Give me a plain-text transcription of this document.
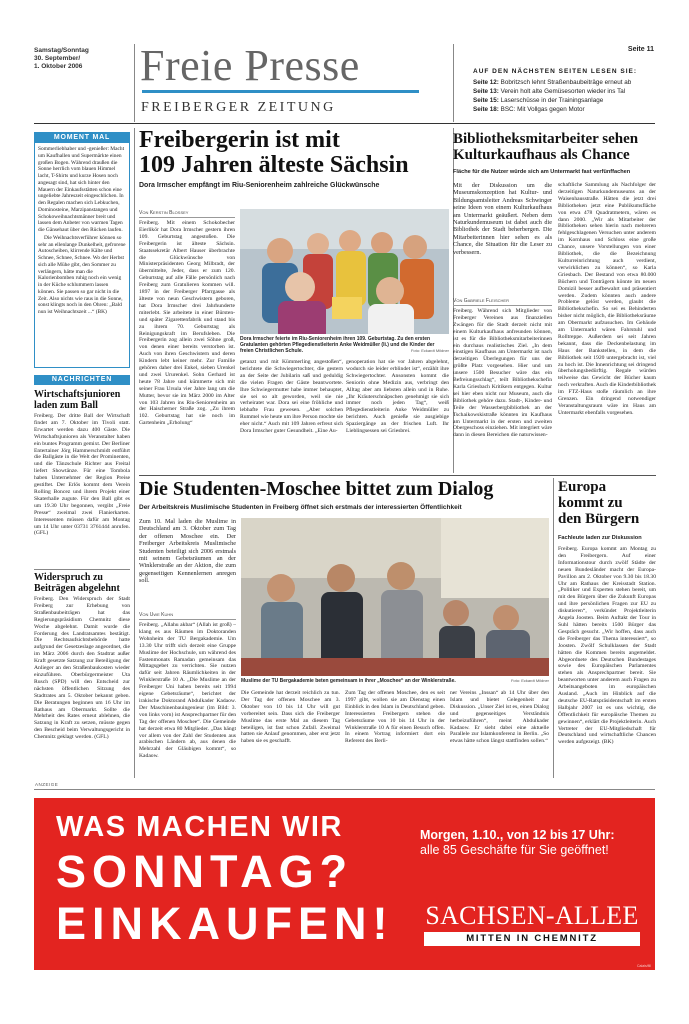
Samstag/Sonntag
30. September/
1. Oktober 2006	Freie Presse
FREIBERGER ZEITUNG
Seite 11
AUF DEN NÄCHSTEN SEITEN LESEN SIE:
Seite 12: Bobritzsch lehnt Straßenbaubeiträge erneut ab
Seite 13: Verein holt alte Gemüsesorten wieder ins Tal
Seite 15: Laserschüsse in der Trainingsanlage
Seite 18: BSC: Mit Vollgas gegen Motor
MOMENT MAL

Sommerliebhaber und -genießer: Macht um Kaufhallen und Supermärkte einen großen Bogen. Während draußen die Sonne herrlich vom blauen Himmel lacht, T-Shirts und kurze Hosen noch angesagt sind, hat sich hinter den Mauern der Einkaufsstätten schon eine ungeliebte Jahreszeit eingeschlichen. In den Regalen machen sich Lebkuchen, Dominosteine, Marzipanstangen und Schokoweihnachtsmänner breit und lassen dem Anbeter von warmen Tagen die Gänsehaut über den Rücken laufen.

Die Weihnachtsverführer können so sehr an ellenlange Dunkelheit, gefrorene Autoscheiben, klirrende Kälte und Schnee, Schnee, Schnee. Wo der Herbst sich alle Mühe gibt, den Sommer zu verlängern, hätte man die Kalorienbomben ruhig noch ein wenig in der Küche schlummern lassen können. Sie passen so gar nicht in die Zeit. Also nichts wie raus in die Sonne, sonst klingts noch in den Ohren: „Bald nun ist Weihnachtszeit ...“ (BK)

NACHRICHTEN
Wirtschaftsjunioren laden zum Ball
Freiberg. Der dritte Ball der Wirtschaft findet am 7. Oktober im Tivoli statt. Erwartet werden dazu 400 Gäste. Die Wirtschaftsjunioren als Veranstalter haben ein buntes Programm gemixt. Der Berliner Entertainer Jörg Hammerschmidt entführt die Ballgäste in die Welt der Prominenten, und die Tänzschule Richter aus Freital liefert Showtänze. Für eine Tombola haben Unternehmer der Region Preise gestiftet. Der Erlös kommt dem Verein Rolling Boncez und ihrem Projekt einer Skaterhalle zugute. Für den Ball gibt es um 19.30 Uhr begonnen, vergibt „Freie Presse“ zweimal zwei Flanierkarten. Interessenten müssen dafür am Montag um 14 Uhr unter 03731 3761444 anrufen. (GFL)
Widerspruch zu Beiträgen abgelehnt
Freiberg. Den Widerspruch der Stadt Freiberg zur Erhebung von Straßenbaubeiträgen hat das Regierungspräsidium Chemnitz diese Woche abgelehnt. Damit wurde die Forderung des Landratsamtes bestätigt. Die Rechtsaufsichtsbehörde hatte aufgrund der Gesetzeslage angeordnet, die im März 2006 durch den Stadtrat außer Kraft gesetzte Satzung zur Beteiligung der Anlieger an den Straßenbaukosten wieder einzuführen. Oberbürgermeister Uta Rusch (SPD) will den Entscheid zur nächsten öffentlichen Sitzung des Stadtrates am 5. Oktober bekannt geben. Die Beratungen beginnen um 16 Uhr im Rathaus am Obermarkt. Sollte die Mehrheit des Rates erneut ablehnen, die Satzung in Kraft zu setzen, müsste gegen den Bescheid beim Verwaltungsgericht in Chemnitz geklagt werden. (GFL)
Freibergerin ist mit
109 Jahren älteste Sächsin
Dora Irmscher empfängt im Riu-Seniorenheim zahlreiche Glückwünsche
Von Kerstin Blossey
Freiberg. Mit einem Schokobecher Eierlikör hat Dora Irmscher gestern ihren 109. Geburtstag angestoßen. Die Freibergerin ist älteste Sächsin. Staatssekretär Albert Hauser überbrachte die Glückwünsche von Ministerpräsidenten Georg Milbradt, der übermittelte, Jeder, dass er zum 120. Geburtstag auf alle Fälle persönlich nach Freiberg zum Gratulieren kommen will. 1897 in der Freiberger Pfarrgasse als älteste von neun Geschwistern geboren, hat Dora Irmscher drei Jahrhunderte miterlebt. Sie arbeitete in einer Bürsten- und später Zigarettenfabrik und stand bis zu ihrem 70. Geburtstag als Reinigungskraft im Berufsleben. Die Freibergerin zog allein zwei Söhne groß, von denen einer bereits verstorben ist. Auch von ihren Geschwistern und deren Kindern lebt keiner mehr. Zur Familie gehören daher drei Enkel, sieben Urenkel und zwei Ururenkel. Sohn Gerhard ist heute 78 Jahre und kümmerte sich mit seiner Frau Ursula vier Jahre lang um die Mutter, bevor sie im März 2000 im Alter von 103 Jahren ins Riu-Seniorenheim an der Haischerner Straße zog. „Zu ihrem 102. Geburtstag hat sie noch im Gartenheim „Erholung“
Dora Irmscher feierte im Riu-Seniorenheim ihren 109. Geburtstag. Zu den ersten Gratulanten gehörten Pflegedienstleiterin Anke Weidmüller (li.) und die Kinder der freien Christlichen Schule.	Foto: Eckardt Mildner
getanzt und mit Kümmerling angestoßen“, berichtete die Schwiegertochter, die gestern an der Seite der Jubilarin saß und geduldig die vielen Fragen der Gäste beantwortete. Ihre Schwiegermutter habe immer behauptet, sie sei so alt geworden, weil sie nie verheiratet war. Dora sei eine fröhliche und lebhafte Frau gewesen. „Aber solchen Rummel wie heute um ihre Person mochte sie eher nicht.“ Auch mit 109 Jahren erfreut sich Dora Irmscher guter Gesundheit. „Eine Au-
genoperation hat sie vor Jahren abgelehnt, wodurch sie leider erblindet ist“, erzählt ihre Schwiegertochter. Ansonsten kommt die Seniorin ohne Medizin aus, verbringt den Alltag aber am liebsten allein und in Ruhe. „Ihr Kräuterschnäpschen genehmigt sie sich immer noch jeden Tag“, weiß Pflegedienstleiterin Anke Weidmüller zu berichten. Auch genieße sie ausgiebige Spaziergänge an der frischen Luft. Ihr Lieblingsessen sei Griesbrei.
Bibliotheksmitarbeiter sehen
Kulturkaufhaus als Chance
Fläche für die Nutzer würde sich am Untermarkt fast verfünffachen
Mit der Diskussion um die Museumskonzeption hat Kultur- und Bildungsamtsleiter Andreas Schwinger seine Ideen von einem Kulturkaufhaus am Untermarkt geäußert. Neben dem Naturkundemuseum ist dabei auch die Bibliothek der Stadt beherbergen. Die Mitarbeiterinnen hier sehen es als Chance, die Situation für die Leser zu verbessern.
Von Gabriele Fleischer
Freiberg. Während sich Mitglieder von Freiberger Vereinen aus finanziellen Zwängen für die Stadt derzeit nicht mit einem Kulturkaufhaus anfreunden können, ist es für die Bibliotheksmitarbeiterinnen ein durchaus realistisches Ziel. „In dem einstigen Kaufhaus am Untermarkt ist nach derzeitigen Überlegungen für uns der größte Platz vorgesehen. Hier und um unsere 1500 Besucher wäre das ein Befreiungsschlag“, teilt Bibliothekschefin Karla Griesbach Kritikern entgegen. Kultur sei hier eben nicht nur Museum, auch die Bibliothek gehöre dazu. Stadt-, Kinder- und Teile der Wasserbergbibliothek an der Tschaikowskistraße könnten im Kaufhaus am Untermarkt in der ersten und zweiten Obergeschoss einziehen. Mit integriert wäre dann in diesen Bereichen die naturwissen-
schaftliche Sammlung als Nachfolger der derzeitigen Naturkundemuseums an der Waisenhausstraße. Hätten die jetzt drei Bibliotheken jetzt eine Publikumsfläche von etwa 478 Quadratmetern, wären es dann 2000. „Wir als Mitarbeiter der Bibliotheken sehen hierin nach mehreren fehlgeschlagenen Versuchen unter anderem im Kornhaus und Schloss eine große Chance, unsere Vorstellungen von einer Bibliothek, die die Bezeichnung Kulturreinrichtung auch verdient, verwirklichen zu können“, so Karla Griesbach. Der Bestand von etwa 80.000 Büchern und Tonträgern könnte im neuen Domizil besser aufbewahrt und präsentiert werden. Zudem könnten auch andere Probleme gelöst werden, glaubt die Bibliothekschefin. So sei es Behinderten bisher nicht möglich, die Bibliotheksräume am Obermarkt aufzusuchen. Im Gebäude am Untermarkt wären Fahrstuhl und Rolltreppe. Außerdem sei seit Jahren bekannt, dass die Deckenbelastung im Haus der Bankstellen, in dem die Bibliothek seit 1920 untergebracht ist, viel zu hoch ist. Die Innenrichtung sei dringend überholungsbedürftig. Regale würden teilweise das Gewicht der Bücher kaum noch verkraften. Auch die Kinderbibliothek im FTZ-Haus stoße räumlich an ihre Grenzen. Ein dringend notwendiger Veranstaltungsraum wäre im Haus am Untermarkt ebenfalls vorgesehen.
Die Studenten-Moschee bittet zum Dialog
Der Arbeitskreis Muslimische Studenten in Freiberg öffnet sich erstmals der interessierten Öffentlichkeit
Zum 10. Mal laden die Muslime in Deutschland am 3. Oktober zum Tag der offenen Moschee ein. Der Freiberger Arbeitskreis Muslimische Studenten beteiligt sich 2006 erstmals mit seinem Gebetsräumen an der Winklerstraße an der Aktion, die zum gegenseitigen Kennenlernen anregen soll.
Von Uwe Kuhn
Freiberg. „Allahu akbar“ (Allah ist groß) – klang es aus Räumen im Doktoranden Wohnheim der TU Bergakademie. Um 13.30 Uhr trifft sich derzeit eine Gruppe Muslime der Hochschule, um während des Fastenmonats Ramadan gemeinsam das Mittagsgebet zu verrichten. Sie nutzen dafür seit Jahren Räumlichkeiten in der Winklerstraße 10 A. „Die Muslime an der Freiberger Uni haben bereits seit 1994 eigene Gebetsräume“, berichtet der irakische Doktorand Abdulkader Kadaow. Der Maschinenbauingenieur (im Bild: 3. von links vorn) ist Ansprechpartner für den Tag der offenen Moschee“. Die Gemeinde hat derzeit etwa 80 Mitglieder. „Das hängt vor allem von der Zahl der Studenten aus arabischen Ländern ab, aus denen die Mehrzahl der Gläubigen kommt“, so Kadaow.
Muslime der TU Bergakademie beten gemeinsam in ihrer „Moschee“ an der Winklerstraße.	Foto: Eckardt Mildner
Die Gemeinde hat derzeit reichlich zu tun. Der Tag der offenen Moschee am 3. Oktober von 10 bis 14 Uhr will gut vorbereitet sein. Dass sich die Freiberger Muslime das erste Mal an diesem Tag beteiligen, ist fast schon Zufall. Zweimal hatten sie Anlauf genommen, aber erst jetzt haben sie es geschafft.
Zum Tag der offenen Moschee, den es seit 1997 gibt, wollen sie am Dienstag einen Einblick in den Islam in Deutschland geben. Interessierten Freibergern stehen die Gebetsräume von 10 bis 14 Uhr in der Winklerstraße 10 A für einen Besuch offen. In einem Vortrag informiert dort ein Referent des Berli-
ner Vereins „Inssan“ ab 14 Uhr über den Islam und bietet Gelegenheit zur Diskussion. „Unser Ziel ist es, einen Dialog und gegenseitiges Verständnis herbeizuführen“, meint Abdulkader Kadaow. Er sieht dabei eine aktuelle Parallele zur Islamkonferenz in Berlin. „So etwas hätte schon längst stattfinden sollen.“
Europa
kommt zu
den Bürgern
Fachleute laden zur Diskussion
Freiberg. Europa kommt am Montag zu den Freibergern. Auf einer Informationstour durch zwölf Städte der neuen Bundesländer macht der Europa-Pavillon am 2. Oktober von 9.30 bis 18.30 Uhr am Rathaus der Kreisstadt Station. „Politiker und Experten stehen bereit, um mit den Bürgern über die Zukunft Europas und ihre persönlichen Fragen zur EU zu diskutieren“, verkündet Projektleiterin Angela Joosten. Beim Auftakt der Tour in Suhl hätten bereits 1500 Bürger das Gespräch gesucht. „Wir hoffen, dass auch die Freiberger das Thema interessiert“, so Joosten. Zwölf Schulklassen der Stadt hätten die Kommen bereits angemeldet. Abgeordnete des Deutschen Bundestages sowie des Europäischen Parlamentes stehen als Ansprechpartner bereit. Sie beantworten unter anderem auch Fragen zu Arbeitsangeboten im europäischen Ausland. „Auch im Hinblick auf die deutsche EU-Ratspräsidentschaft im ersten Halbjahr 2007 ist es uns wichtig, die Öffentlichkeit für europäische Themen zu gewinnen“, erklärt die Projektleiterin. Auch Vertreter der EU-Mitgliedschaft für Deutschland und wirtschaftliche Chancen werden aufgezeigt. (BK)
ANZEIGE
WAS MACHEN WIR
SONNTAG?
EINKAUFEN!
Morgen, 1.10., von 12 bis 17 Uhr:
alle 85 Geschäfte für Sie geöffnet!
SACHSEN-ALLEE
MITTEN IN CHEMNITZ
Calais/fill
